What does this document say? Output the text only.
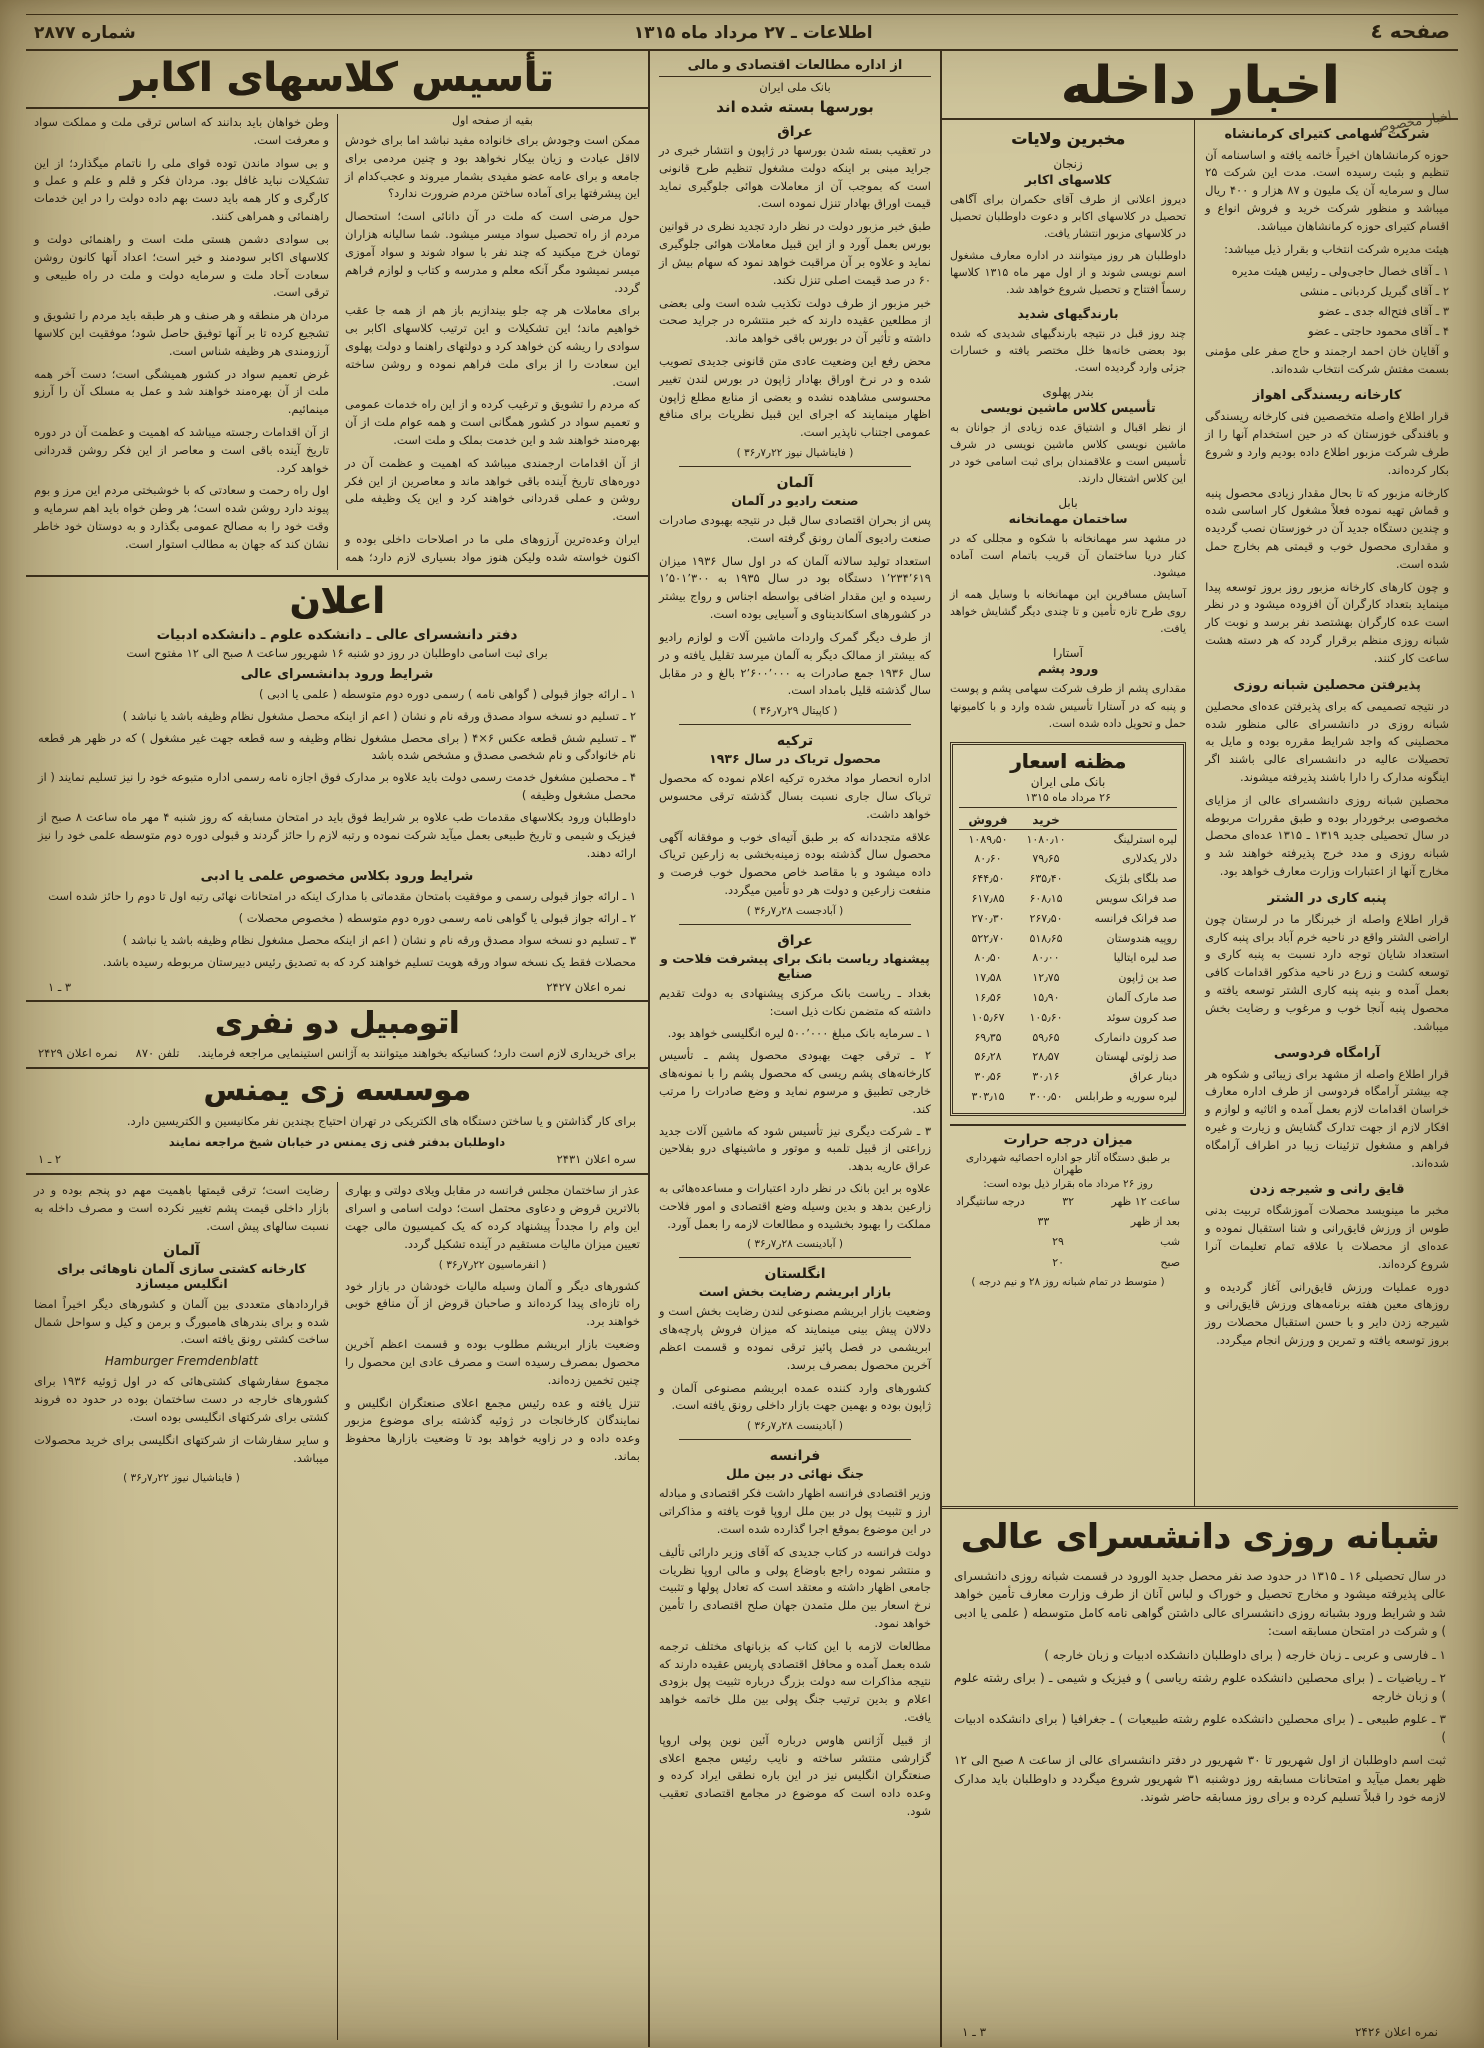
صفحه ٤
اطلاعات ـ ۲۷ مرداد ماه ۱۳۱۵
شماره ۲۸۷۷
اخبار داخله
اخبار مخصوص
شرکت سهامی کتیرای کرمانشاه

حوزه کرمانشاهان اخیراً خاتمه یافته و اساسنامه آن تنظیم و بثبت رسیده است. مدت این شرکت ۲۵ سال و سرمایه آن یک ملیون و ۸۷ هزار و ۴۰۰ ریال میباشد و منظور شرکت خرید و فروش انواع و اقسام کتیرای حوزه کرمانشاهان میباشد.

هیئت مدیره شرکت انتخاب و بقرار ذیل میباشد:

۱ ـ آقای خصال حاجی‌ولی ـ رئیس هیئت مدیره

۲ ـ آقای گبریل کردبانی ـ منشی

۳ ـ آقای فتح‌اله جدی ـ عضو

۴ ـ آقای محمود حاجتی ـ عضو

و آقایان خان احمد ارجمند و حاج صفر علی مؤمنی بسمت مفتش شرکت انتخاب شده‌اند.

کارخانه ریسندگی اهواز

قرار اطلاع واصله متخصصین فنی کارخانه ریسندگی و بافندگی خوزستان که در حین استخدام آنها را از طرف شرکت مزبور اطلاع داده بودیم وارد و شروع بکار کرده‌اند.

کارخانه مزبور که تا بحال مقدار زیادی محصول پنبه و قماش تهیه نموده فعلاً مشغول کار اساسی شده و چندین دستگاه جدید آن در خوزستان نصب گردیده و مقداری محصول خوب و قیمتی هم بخارج حمل شده است.

و چون کارهای کارخانه مزبور روز بروز توسعه پیدا مینماید بتعداد کارگران آن افزوده میشود و در نظر است عده کارگران بهشتصد نفر برسد و نوبت کار شبانه روزی منظم برقرار گردد که هر دسته هشت ساعت کار کنند.

پذیرفتن محصلین شبانه روزی

در نتیجه تصمیمی که برای پذیرفتن عده‌ای محصلین شبانه روزی در دانشسرای عالی منظور شده محصلینی که واجد شرایط مقرره بوده و مایل به تحصیلات عالیه در دانشسرای عالی باشند اگر اینگونه مدارک را دارا باشند پذیرفته میشوند.

محصلین شبانه روزی دانشسرای عالی از مزایای مخصوصی برخوردار بوده و طبق مقررات مربوطه در سال تحصیلی جدید ۱۳۱۹ ـ ۱۳۱۵ عده‌ای محصل شبانه روزی و مدد خرج پذیرفته خواهند شد و مخارج آنها از اعتبارات وزارت معارف خواهد بود.

پنبه کاری در الشتر

قرار اطلاع واصله از خبرنگار ما در لرستان چون اراضی الشتر واقع در ناحیه خرم آباد برای پنبه کاری استعداد شایان توجه دارد نسبت به پنبه کاری و توسعه کشت و زرع در ناحیه مذکور اقدامات کافی بعمل آمده و بنیه پنبه کاری الشتر توسعه یافته و محصول پنبه آنجا خوب و مرغوب و رضایت بخش میباشد.

آرامگاه فردوسی

قرار اطلاع واصله از مشهد برای زیبائی و شکوه هر چه بیشتر آرامگاه فردوسی از طرف اداره معارف خراسان اقدامات لازم بعمل آمده و اثاثیه و لوازم و افکار لازم از جهت تدارک گشایش و زیارت و غیره فراهم و مشغول تزئینات زیبا در اطراف آرامگاه شده‌اند.

قایق رانی و شیرجه زدن

مخبر ما مینویسد محصلات آموزشگاه تربیت بدنی طوس از ورزش قایق‌رانی و شنا استقبال نموده و عده‌ای از محصلات با علاقه تمام تعلیمات آنرا شروع کرده‌اند.

دوره عملیات ورزش قایق‌رانی آغاز گردیده و روزهای معین هفته برنامه‌های ورزش قایق‌رانی و شیرجه زدن دایر و با حسن استقبال محصلات روز بروز توسعه یافته و تمرین و ورزش انجام میگردد.

مخبرین ولایات
زنجان
کلاسهای اکابر

دیروز اعلانی از طرف آقای حکمران برای آگاهی تحصیل در کلاسهای اکابر و دعوت داوطلبان تحصیل در کلاسهای مزبور انتشار یافت.

داوطلبان هر روز میتوانند در اداره معارف مشغول اسم نویسی شوند و از اول مهر ماه ۱۳۱۵ کلاسها رسماً افتتاح و تحصیل شروع خواهد شد.

بارندگیهای شدید

چند روز قبل در نتیجه بارندگیهای شدیدی که شده بود بعضی خانه‌ها خلل مختصر یافته و خسارات جزئی وارد گردیده است.

بندر پهلوی
تأسیس کلاس ماشین نویسی

از نظر اقبال و اشتیاق عده زیادی از جوانان به ماشین نویسی کلاس ماشین نویسی در شرف تأسیس است و علاقمندان برای ثبت اسامی خود در این کلاس اشتغال دارند.

بابل
ساختمان مهمانخانه

در مشهد سر مهمانخانه با شکوه و مجللی که در کنار دریا ساختمان آن قریب باتمام است آماده میشود.

آسایش مسافرین این مهمانخانه با وسایل همه از روی طرح تازه تأمین و تا چندی دیگر گشایش خواهد یافت.

آستارا
ورود پشم

مقداری پشم از طرف شرکت سهامی پشم و پوست و پنبه که در آستارا تأسیس شده وارد و با کامیونها حمل و تحویل داده شده است.

مظنه اسعار
بانک ملی ایران
۲۶ مرداد ماه ۱۳۱۵
خرید
فروش
لیره استرلینگ
۱۰۸۰٫۱۰
۱۰۸۹٫۵۰
دلار یکدلاری
۷۹٫۶۵
۸۰٫۶۰
صد بلگای بلژیک
۶۳۵٫۴۰
۶۴۴٫۵۰
صد فرانک سویس
۶۰۸٫۱۵
۶۱۷٫۸۵
صد فرانک فرانسه
۲۶۷٫۵۰
۲۷۰٫۳۰
روپیه هندوستان
۵۱۸٫۶۵
۵۲۲٫۷۰
صد لیره ایتالیا
۸۰٫۰۰
۸۰٫۵۰
صد ین ژاپون
۱۲٫۷۵
۱۷٫۵۸
صد مارک آلمان
۱۵٫۹۰
۱۶٫۵۶
صد کرون سوئد
۱۰۵٫۶۰
۱۰۵٫۶۷
صد کرون دانمارک
۵۹٫۶۵
۶۹٫۳۵
صد زلوتی لهستان
۲۸٫۵۷
۵۶٫۲۸
دینار عراق
۳۰٫۱۶
۳۰٫۵۶
لیره سوریه و طرابلس
۳۰۰٫۵۰
۳۰۳٫۱۵
میزان درجه حرارت
بر طبق دستگاه آثار جو اداره احصائیه شهرداری طهران
روز ۲۶ مرداد ماه بقرار ذیل بوده است:
ساعت ۱۲ ظهر
۳۲
درجه سانتیگراد
بعد از ظهر
۳۳
شب
۲۹
صبح
۲۰
( متوسط در تمام شبانه روز ۲۸ و نیم درجه )
شبانه روزی دانشسرای عالی

در سال تحصیلی ۱۶ ـ ۱۳۱۵ در حدود صد نفر محصل جدید الورود در قسمت شبانه روزی دانشسرای عالی پذیرفته میشود و مخارج تحصیل و خوراک و لباس آنان از طرف وزارت معارف تأمین خواهد شد و شرایط ورود بشبانه روزی دانشسرای عالی داشتن گواهی نامه کامل متوسطه ( علمی یا ادبی ) و شرکت در امتحان مسابقه است:

۱ ـ فارسی و عربی ـ زبان خارجه ( برای داوطلبان دانشکده ادبیات و زبان خارجه )

۲ ـ ریاضیات ـ ( برای محصلین دانشکده علوم رشته ریاسی ) و فیزیک و شیمی ـ ( برای رشته علوم ) و زبان خارجه

۳ ـ علوم طبیعی ـ ( برای محصلین دانشکده علوم رشته طبیعیات ) ـ جغرافیا ( برای دانشکده ادبیات )

ثبت اسم داوطلبان از اول شهریور تا ۳۰ شهریور در دفتر دانشسرای عالی از ساعت ۸ صبح الی ۱۲ ظهر بعمل میآید و امتحانات مسابقه روز دوشنبه ۳۱ شهریور شروع میگردد و داوطلبان باید مدارک لازمه خود را قبلاً تسلیم کرده و برای روز مسابقه حاضر شوند.

نمره اعلان ۲۴۲۶
۳ ـ ۱
از اداره مطالعات اقتصادی و مالی
بانک ملی ایران
بورسها بسته شده اند
عراق

در تعقیب بسته شدن بورسها در ژاپون و انتشار خبری در جراید مبنی بر اینکه دولت مشغول تنظیم طرح قانونی است که بموجب آن از معاملات هوائی جلوگیری نماید قیمت اوراق بهادار تنزل نموده است.

طبق خبر مزبور دولت در نظر دارد تجدید نظری در قوانین بورس بعمل آورد و از این قبیل معاملات هوائی جلوگیری نماید و علاوه بر آن مراقبت خواهد نمود که سهام بیش از ۶۰ در صد قیمت اصلی تنزل نکند.

خبر مزبور از طرف دولت تکذیب شده است ولی بعضی از مطلعین عقیده دارند که خبر منتشره در جراید صحت داشته و تأثیر آن در بورس باقی خواهد ماند.

محض رفع این وضعیت عادی متن قانونی جدیدی تصویب شده و در نرخ اوراق بهادار ژاپون در بورس لندن تغییر محسوسی مشاهده نشده و بعضی از منابع مطلع ژاپون اظهار مینمایند که اجرای این قبیل نظریات برای منافع عمومی اجتناب ناپذیر است.

( فایناشیال نیوز ۲۲ر۷ر۳۶ )
آلمان
صنعت رادیو در آلمان

پس از بحران اقتصادی سال قبل در نتیجه بهبودی صادرات صنعت رادیوی آلمان رونق گرفته است.

استعداد تولید سالانه آلمان که در اول سال ۱۹۳۶ میزان ۱٬۲۳۴٬۶۱۹ دستگاه بود در سال ۱۹۳۵ به ۱٬۵۰۱٬۳۰۰ رسیده و این مقدار اضافی بواسطه اجناس و رواج بیشتر در کشورهای اسکاندیناوی و آسیایی بوده است.

از طرف دیگر گمرک واردات ماشین آلات و لوازم رادیو که بیشتر از ممالک دیگر به آلمان میرسد تقلیل یافته و در سال ۱۹۳۶ جمع صادرات به ۲٬۶۰۰٬۰۰۰ بالغ و در مقابل سال گذشته قلیل بامداد است.

( کاپیتال ۲۹ر۷ر۳۶ )
ترکیه
محصول تریاک در سال ۱۹۳۶

اداره انحصار مواد مخدره ترکیه اعلام نموده که محصول تریاک سال جاری نسبت بسال گذشته ترقی محسوس خواهد داشت.

علاقه متجددانه که بر طبق آتیه‌ای خوب و موفقانه آگهی محصول سال گذشته بوده زمینه‌بخشی به زارعین تریاک داده میشود و با مقاصد خاص محصول خوب فرصت و منفعت زارعین و دولت هر دو تأمین میگردد.

( آبادجست ۲۸ر۷ر۳۶ )
عراق
پیشنهاد ریاست بانک برای پیشرفت فلاحت و صنایع

بغداد ـ ریاست بانک مرکزی پیشنهادی به دولت تقدیم داشته که متضمن نکات ذیل است:

۱ ـ سرمایه بانک مبلغ ۵۰۰٬۰۰۰ لیره انگلیسی خواهد بود.

۲ ـ ترقی جهت بهبودی محصول پشم ـ تأسیس کارخانه‌های پشم ریسی که محصول پشم را با نمونه‌های خارجی تطبیق و مرسوم نماید و وضع صادرات را مرتب کند.

۳ ـ شرکت دیگری نیز تأسیس شود که ماشین آلات جدید زراعتی از قبیل تلمبه و موتور و ماشینهای درو بفلاحین عراق عاریه بدهد.

علاوه بر این بانک در نظر دارد اعتبارات و مساعده‌هائی به زارعین بدهد و بدین وسیله وضع اقتصادی و امور فلاحت مملکت را بهبود بخشیده و مطالعات لازمه را بعمل آورد.

( آبادینست ۲۸ر۷ر۳۶ )
انگلستان
بازار ابریشم رضایت بخش است

وضعیت بازار ابریشم مصنوعی لندن رضایت بخش است و دلالان پیش بینی مینمایند که میزان فروش پارچه‌های ابریشمی در فصل پائیز ترقی نموده و قسمت اعظم آخرین محصول بمصرف برسد.

کشورهای وارد کننده عمده ابریشم مصنوعی آلمان و ژاپون بوده و بهمین جهت بازار داخلی رونق یافته است.

( آبادینست ۲۸ر۷ر۳۶ )
فرانسه
جنگ نهائی در بین ملل

وزیر اقتصادی فرانسه اظهار داشت فکر اقتصادی و مبادله ارز و تثبیت پول در بین ملل اروپا قوت یافته و مذاکراتی در این موضوع بموقع اجرا گذارده شده است.

دولت فرانسه در کتاب جدیدی که آقای وزیر دارائی تألیف و منتشر نموده راجع باوضاع پولی و مالی اروپا نظریات جامعی اظهار داشته و معتقد است که تعادل پولها و تثبیت نرخ اسعار بین ملل متمدن جهان صلح اقتصادی را تأمین خواهد نمود.

مطالعات لازمه با این کتاب که بزبانهای مختلف ترجمه شده بعمل آمده و محافل اقتصادی پاریس عقیده دارند که نتیجه مذاکرات سه دولت بزرگ درباره تثبیت پول بزودی اعلام و بدین ترتیب جنگ پولی بین ملل خاتمه خواهد یافت.

از قبیل آژانس هاوس درباره آئین نوین پولی اروپا گزارشی منتشر ساخته و نایب رئیس مجمع اعلای صنعتگران انگلیس نیز در این باره نطقی ایراد کرده و وعده داده است که موضوع در مجامع اقتصادی تعقیب شود.

تأسیس کلاسهای اکابر
بقیه از صفحه اول

ممکن است وجودش برای خانواده مفید نباشد اما برای خودش لااقل عبادت و زیان بیکار نخواهد بود و چنین مردمی برای جامعه و برای عامه عضو مفیدی بشمار میروند و عجب‌کدام از این پیشرفتها برای آماده ساختن مردم ضرورت ندارد؟

حول مرضی است که ملت در آن دانائی است؛ استحصال مردم از راه تحصیل سواد میسر میشود. شما سالیانه هزاران تومان خرج میکنید که چند نفر با سواد شوند و سواد آموزی میسر نمیشود مگر آنکه معلم و مدرسه و کتاب و لوازم فراهم گردد.

برای معاملات هر چه جلو بیندازیم باز هم از همه جا عقب خواهیم ماند؛ این تشکیلات و این ترتیب کلاسهای اکابر بی سوادی را ریشه کن خواهد کرد و دولتهای راهنما و دولت پهلوی این سعادت را از برای ملت فراهم نموده و روشن ساخته است.

که مردم را تشویق و ترغیب کرده و از این راه خدمات عمومی و تعمیم سواد در کشور همگانی است و همه عوام ملت از آن بهره‌مند خواهند شد و این خدمت بملک و ملت است.

از آن اقدامات ارجمندی میباشد که اهمیت و عظمت آن در دوره‌های تاریخ آینده باقی خواهد ماند و معاصرین از این فکر روشن و عملی قدردانی خواهند کرد و این یک وظیفه ملی است.

ایران وعده‌ترین آرزوهای ملی ما در اصلاحات داخلی بوده و اکنون خواسته شده ولیکن هنوز مواد بسیاری لازم دارد؛ همه وطن خواهان باید بدانند که اساس ترقی ملت و مملکت سواد و معرفت است.

و بی سواد ماندن توده قوای ملی را ناتمام میگذارد؛ از این تشکیلات نباید غافل بود. مردان فکر و قلم و علم و عمل و کارگری و کار همه باید دست بهم داده دولت را در این خدمات راهنمائی و همراهی کنند.

بی سوادی دشمن هستی ملت است و راهنمائی دولت و کلاسهای اکابر سودمند و خیر است؛ اعداد آنها کانون روشن سعادت آحاد ملت و سرمایه دولت و ملت در راه طبیعی و ترقی است.

مردان هر منطقه و هر صنف و هر طبقه باید مردم را تشویق و تشجیع کرده تا بر آنها توفیق حاصل شود؛ موفقیت این کلاسها آرزومندی هر وظیفه شناس است.

غرض تعمیم سواد در کشور همیشگی است؛ دست آخر همه ملت از آن بهره‌مند خواهند شد و عمل به مسلک آن را آرزو مینمائیم.

از آن اقدامات رجسته میباشد که اهمیت و عظمت آن در دوره تاریخ آینده باقی است و معاصر از این فکر روشن قدردانی خواهد کرد.

اول راه رحمت و سعادتی که با خوشبختی مردم این مرز و بوم پیوند دارد روشن شده است؛ هر وطن خواه باید اهم سرمایه و وقت خود را به مصالح عمومی بگذارد و به دوستان خود خاطر نشان کند که جهان به مطالب استوار است.

اعلان
دفتر دانشسرای عالی ـ دانشکده علوم ـ دانشکده ادبیات
برای ثبت اسامی داوطلبان در روز دو شنبه ۱۶ شهریور ساعت ۸ صبح الی ۱۲ مفتوح است
شرایط ورود بدانشسرای عالی

۱ ـ ارائه جواز قبولی ( گواهی نامه ) رسمی دوره دوم متوسطه ( علمی یا ادبی )

۲ ـ تسلیم دو نسخه سواد مصدق ورقه نام و نشان ( اعم از اینکه محصل مشغول نظام وظیفه باشد یا نباشد )

۳ ـ تسلیم شش قطعه عکس ۶×۴ ( برای محصل مشغول نظام وظیفه و سه قطعه جهت غیر مشغول ) که در ظهر هر قطعه نام خانوادگی و نام شخصی مصدق و مشخص شده باشد

۴ ـ محصلین مشغول خدمت رسمی دولت باید علاوه بر مدارک فوق اجازه نامه رسمی اداره متبوعه خود را نیز تسلیم نمایند ( از محصل مشغول وظیفه )

داوطلبان ورود بکلاسهای مقدمات طب علاوه بر شرایط فوق باید در امتحان مسابقه که روز شنبه ۴ مهر ماه ساعت ۸ صبح از فیزیک و شیمی و تاریخ طبیعی بعمل میآید شرکت نموده و رتبه لازم را حائز گردند و قبولی دوره دوم متوسطه علمی خود را نیز ارائه دهند.

شرایط ورود بکلاس مخصوص علمی یا ادبی

۱ ـ ارائه جواز قبولی رسمی و موفقیت بامتحان مقدماتی با مدارک اینکه در امتحانات نهائی رتبه اول تا دوم را حائز شده است

۲ ـ ارائه جواز قبولی یا گواهی نامه رسمی دوره دوم متوسطه ( مخصوص محصلات )

۳ ـ تسلیم دو نسخه سواد مصدق ورقه نام و نشان ( اعم از اینکه محصل مشغول نظام وظیفه باشد یا نباشد )

محصلات فقط یک نسخه سواد ورقه هویت تسلیم خواهند کرد که به تصدیق رئیس دبیرستان مربوطه رسیده باشد.

نمره اعلان ۲۴۲۷
۳ ـ ۱
اتومبیل دو نفری
برای خریداری لازم است دارد؛ کسانیکه بخواهند میتوانند به آژانس استینمایی مراجعه فرمایند.
تلفن ۸۷۰
نمره اعلان ۲۴۲۹
موسسه زی یمنس

برای کار گذاشتن و یا ساختن دستگاه های الکتریکی در تهران احتیاج بچندین نفر مکانیسین و الکتریسین دارد.

داوطلبان بدفتر فنی زی یمنس در خیابان شیخ مراجعه نمایند
سره اعلان ۲۴۳۱
۲ ـ ۱

عذر از ساختمان مجلس فرانسه در مقابل ویلای دولتی و بهاری بالاترین قروض و دعاوی محتمل است؛ دولت اسامی و اسرای این وام را مجدداً پیشنهاد کرده که یک کمیسیون مالی جهت تعیین میزان مالیات مستقیم در آینده تشکیل گردد.

( انفرماسیون ۲۲ر۷ر۳۶ )

کشورهای دیگر و آلمان وسیله مالیات خودشان در بازار خود راه تازه‌ای پیدا کرده‌اند و صاحبان قروض از آن منافع خوبی خواهند برد.

وضعیت بازار ابریشم مطلوب بوده و قسمت اعظم آخرین محصول بمصرف رسیده است و مصرف عادی این محصول را چنین تخمین زده‌اند.

تنزل یافته و عده رئیس مجمع اعلای صنعتگران انگلیس و نمایندگان کارخانجات در ژوئیه گذشته برای موضوع مزبور وعده داده و در زاویه خواهد بود تا وضعیت بازارها محفوظ بماند.

رضایت است؛ ترقی قیمتها باهمیت مهم دو پنجم بوده و در بازار داخلی قیمت پشم تغییر نکرده است و مصرف داخله به نسبت سالهای پیش است.

آلمان
کارخانه کشتی سازی آلمان ناوهائی برای انگلیس میسازد

قراردادهای متعددی بین آلمان و کشورهای دیگر اخیراً امضا شده و برای بندرهای هامبورگ و برمن و کیل و سواحل شمال ساخت کشتی رونق یافته است.

Hamburger Fremdenblatt

مجموع سفارشهای کشتی‌هائی که در اول ژوئیه ۱۹۳۶ برای کشورهای خارجه در دست ساختمان بوده در حدود ده فروند کشتی برای شرکتهای انگلیسی بوده است.

و سایر سفارشات از شرکتهای انگلیسی برای خرید محصولات میباشد.

( فایناشیال نیوز ۲۲ر۷ر۳۶ )
